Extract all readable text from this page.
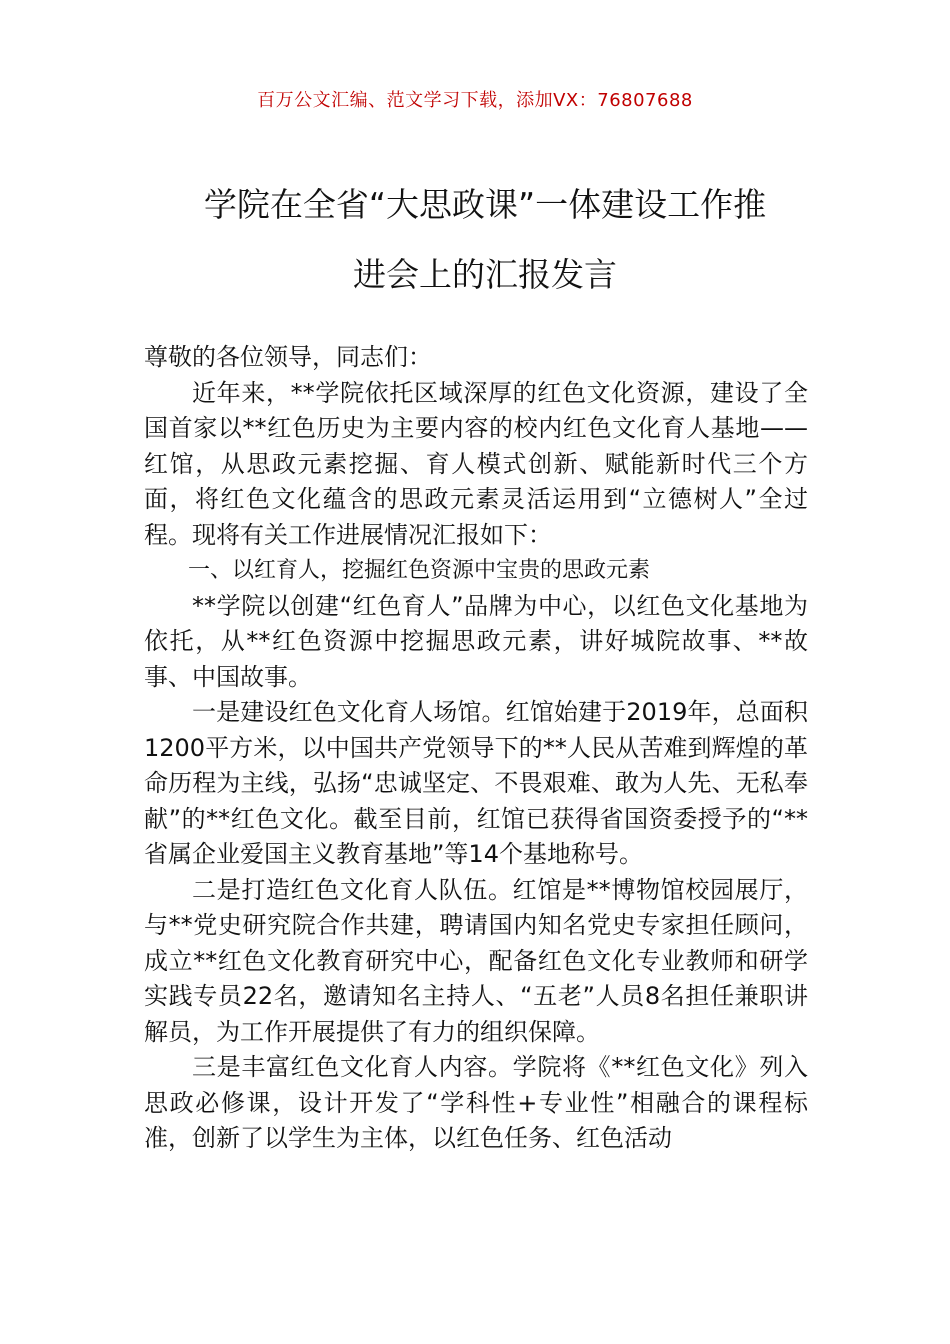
百万公文汇编、范文学习下载，添加VX：76807688
学院在全省“大思政课”一体建设工作推
进会上的汇报发言

尊敬的各位领导，同志们：

近年来，**学院依托区域深厚的红色文化资源，建设了全国首家以**红色历史为主要内容的校内红色文化育人基地——红馆，从思政元素挖掘、育人模式创新、赋能新时代三个方面，将红色文化蕴含的思政元素灵活运用到“立德树人”全过程。现将有关工作进展情况汇报如下：

一、以红育人，挖掘红色资源中宝贵的思政元素

**学院以创建“红色育人”品牌为中心，以红色文化基地为依托，从**红色资源中挖掘思政元素，讲好城院故事、**故事、中国故事。

一是建设红色文化育人场馆。红馆始建于2019年，总面积1200平方米，以中国共产党领导下的**人民从苦难到辉煌的革命历程为主线，弘扬“忠诚坚定、不畏艰难、敢为人先、无私奉献”的**红色文化。截至目前，红馆已获得省国资委授予的“**省属企业爱国主义教育基地”等14个基地称号。

二是打造红色文化育人队伍。红馆是**博物馆校园展厅，与**党史研究院合作共建，聘请国内知名党史专家担任顾问，成立**红色文化教育研究中心，配备红色文化专业教师和研学实践专员22名，邀请知名主持人、“五老”人员8名担任兼职讲解员，为工作开展提供了有力的组织保障。

三是丰富红色文化育人内容。学院将《**红色文化》列入思政必修课，设计开发了“学科性+专业性”相融合的课程标准，创新了以学生为主体，以红色任务、红色活动
